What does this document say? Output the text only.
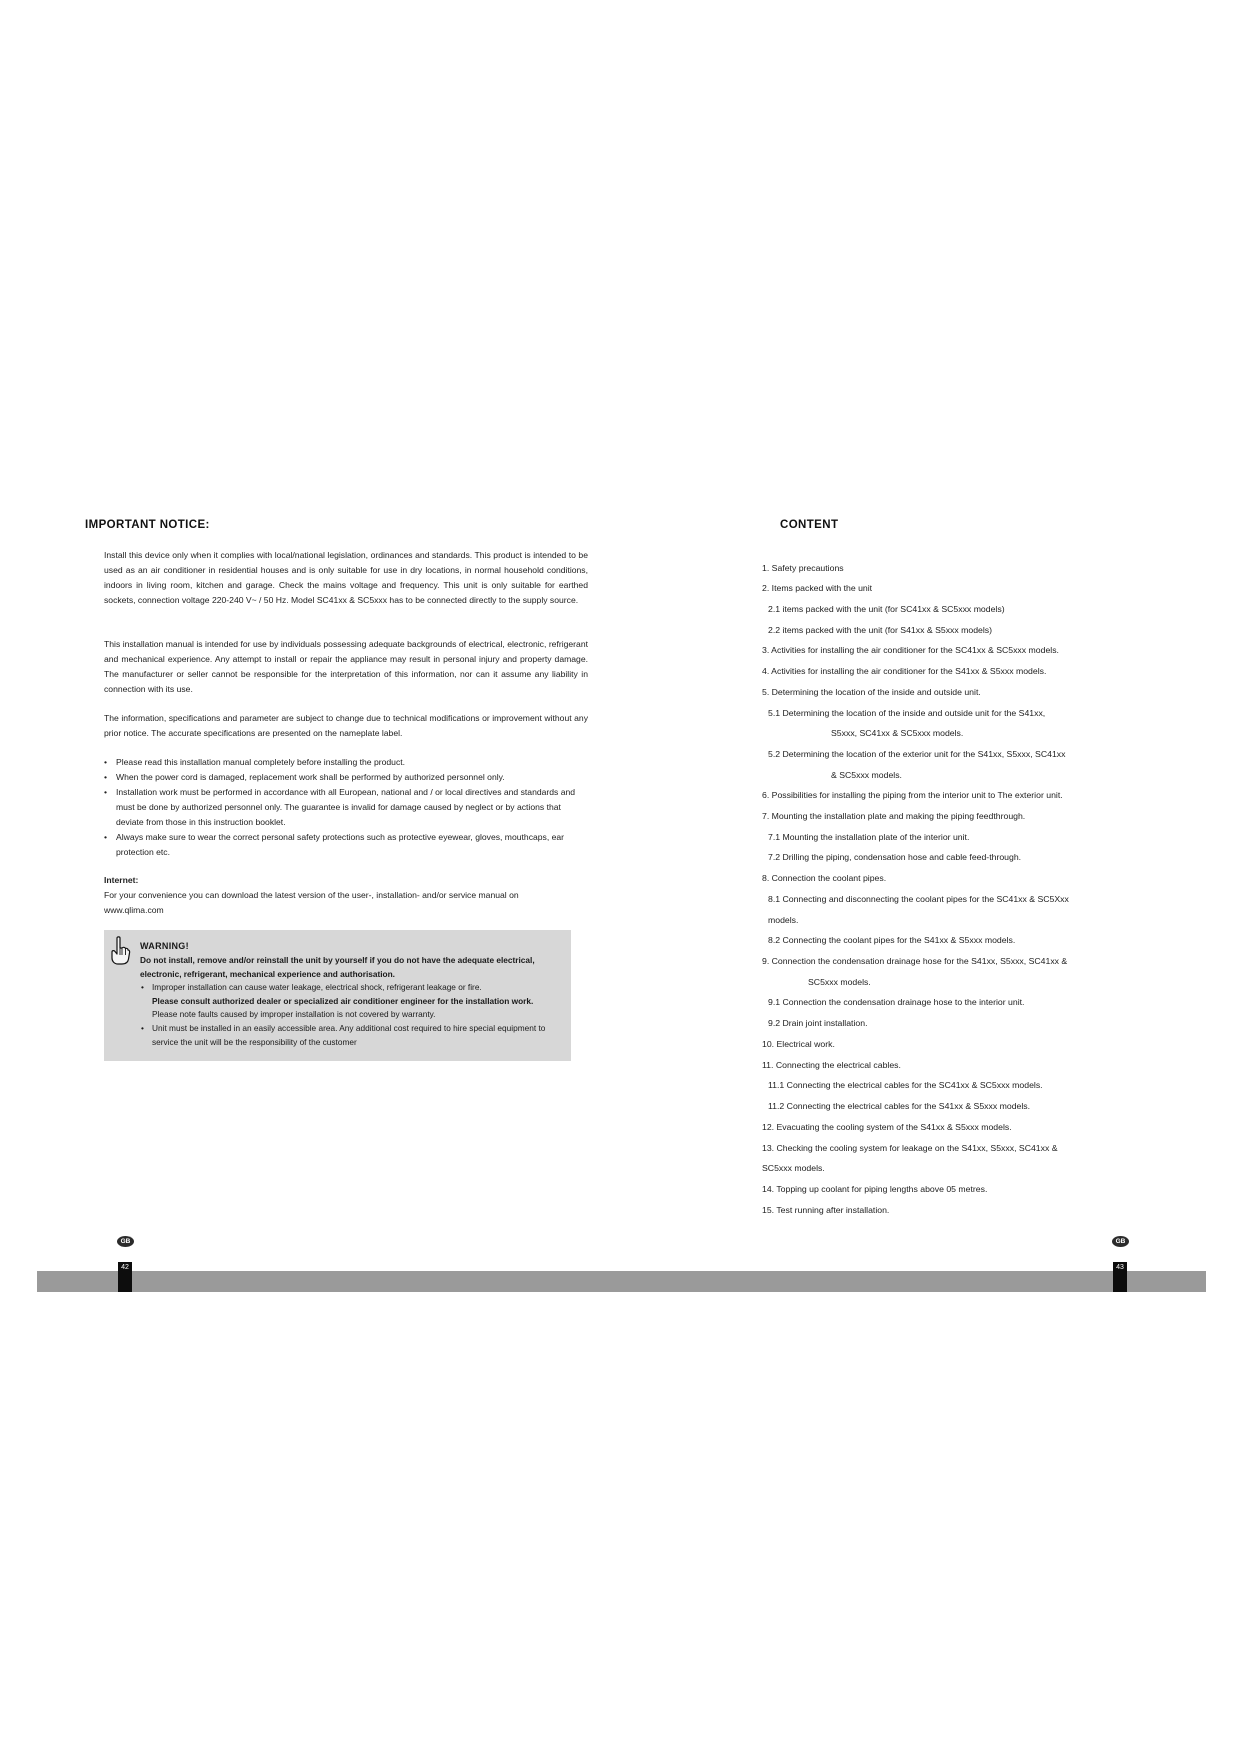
IMPORTANT NOTICE:

Install this device only when it complies with local/national legislation, ordinances and standards. This product is intended to be used as an air conditioner in residential houses and is only suitable for use in dry locations, in normal household conditions, indoors in living room, kitchen and garage. Check the mains voltage and frequency. This unit is only suitable for earthed sockets, connection voltage 220-240 V~ / 50 Hz. Model SC41xx & SC5xxx has to be connected directly to the supply source.

This installation manual is intended for use by individuals possessing adequate backgrounds of electrical, electronic, refrigerant and mechanical experience. Any attempt to install or repair the appliance may result in personal injury and property damage. The manufacturer or seller cannot be responsible for the interpretation of this information, nor can it assume any liability in connection with its use.

The information, specifications and parameter are subject to change due to technical modifications or improvement without any prior notice. The accurate specifications are presented on the nameplate label.

• Please read this installation manual completely before installing the product.
• When the power cord is damaged, replacement work shall be performed by authorized personnel only.
• Installation work must be performed in accordance with all European, national and / or local directives and standards and must be done by authorized personnel only. The guarantee is invalid for damage caused by neglect or by actions that deviate from those in this instruction booklet.
• Always make sure to wear the correct personal safety protections such as protective eyewear, gloves, mouthcaps, ear protection etc.
Internet:
For your convenience you can download the latest version of the user-, installation- and/or service manual on www.qlima.com
WARNING!
Do not install, remove and/or reinstall the unit by yourself if you do not have the adequate electrical, electronic, refrigerant, mechanical experience and authorisation.
• Improper installation can cause water leakage, electrical shock, refrigerant leakage or fire.
Please consult authorized dealer or specialized air conditioner engineer for the installation work. Please note faults caused by improper installation is not covered by warranty.
• Unit must be installed in an easily accessible area. Any additional cost required to hire special equipment to service the unit will be the responsibility of the customer
GB
CONTENT
1. Safety precautions
2. Items packed with the unit
2.1 items packed with the unit (for SC41xx & SC5xxx models)
2.2 items packed with the unit (for S41xx & S5xxx models)
3. Activities for installing the air conditioner for the SC41xx & SC5xxx models.
4. Activities for installing the air conditioner for the S41xx & S5xxx models.
5. Determining the location of the inside and outside unit.
5.1 Determining the location of the inside and outside unit for the S41xx,
S5xxx, SC41xx & SC5xxx models.
5.2 Determining the location of the exterior unit for the S41xx, S5xxx, SC41xx
& SC5xxx models.
6. Possibilities for installing the piping from the interior unit to The exterior unit.
7. Mounting the installation plate and making the piping feedthrough.
7.1 Mounting the installation plate of the interior unit.
7.2 Drilling the piping, condensation hose and cable feed-through.
8. Connection the coolant pipes.
8.1 Connecting and disconnecting the coolant pipes for the SC41xx & SC5Xxx
models.
8.2 Connecting the coolant pipes for the S41xx & S5xxx models.
9. Connection the condensation drainage hose for the S41xx, S5xxx, SC41xx &
SC5xxx models.
9.1 Connection the condensation drainage hose to the interior unit.
9.2 Drain joint installation.
10. Electrical work.
11. Connecting the electrical cables.
11.1 Connecting the electrical cables for the SC41xx & SC5xxx models.
11.2 Connecting the electrical cables for the S41xx & S5xxx models.
12. Evacuating the cooling system of the S41xx & S5xxx models.
13. Checking the cooling system for leakage on the S41xx, S5xxx, SC41xx &
SC5xxx models.
14. Topping up coolant for piping lengths above 05 metres.
15. Test running after installation.
GB
42	43
